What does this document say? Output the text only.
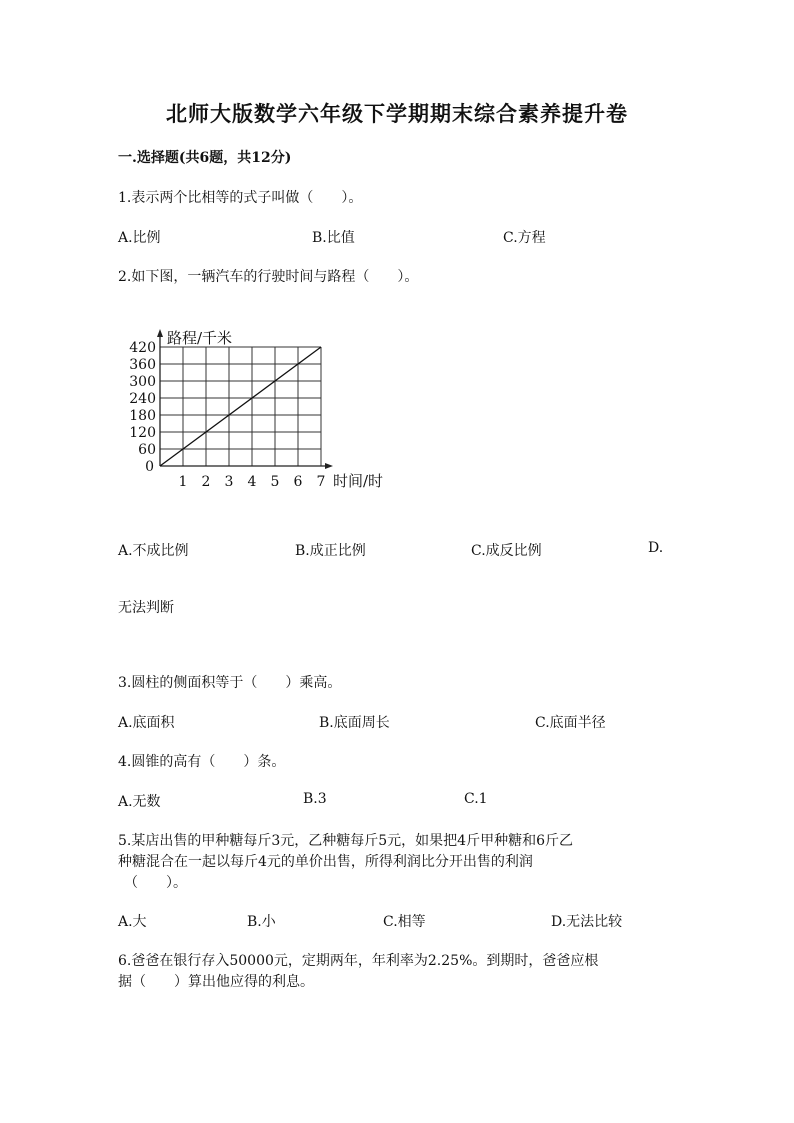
北师大版数学六年级下学期期末综合素养提升卷
一.选择题(共6题，共12分)
1.表示两个比相等的式子叫做（　　）。
A.比例	B.比值	C.方程
2.如下图，一辆汽车的行驶时间与路程（　　）。
1 2 3 4 5 6 7
60
120
180
240
300
360
420
0
路程/千米
时间/时
A.不成比例	B.成正比例	C.成反比例	D.
无法判断
3.圆柱的侧面积等于（　　）乘高。
A.底面积	B.底面周长	C.底面半径
4.圆锥的高有（　　）条。
A.无数	B.3	C.1
5.某店出售的甲种糖每斤3元，乙种糖每斤5元，如果把4斤甲种糖和6斤乙
种糖混合在一起以每斤4元的单价出售，所得利润比分开出售的利润
（　　）。
A.大	B.小	C.相等	D.无法比较
6.爸爸在银行存入50000元，定期两年，年利率为2.25%。到期时，爸爸应根
据（　　）算出他应得的利息。
